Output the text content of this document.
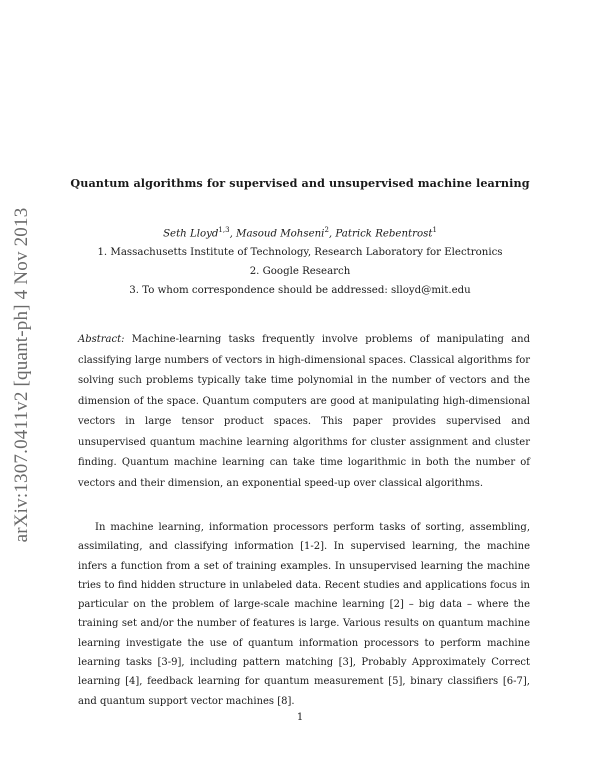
arXiv:1307.0411v2 [quant-ph] 4 Nov 2013
Quantum algorithms for supervised and unsupervised machine learning
Seth Lloyd$^{1,3}$, Masoud Mohseni$^2$, Patrick Rebentrost$^1$
1. Massachusetts Institute of Technology, Research Laboratory for Electronics
2. Google Research
3. To whom correspondence should be addressed: slloyd@mit.edu
Abstract: Machine-learning tasks frequently involve problems of manipulating and classifying large numbers of vectors in high-dimensional spaces. Classical algorithms for solving such problems typically take time polynomial in the number of vectors and the dimension of the space. Quantum computers are good at manipulating high-dimensional vectors in large tensor product spaces. This paper provides supervised and unsupervised quantum machine learning algorithms for cluster assignment and cluster finding. Quantum machine learning can take time logarithmic in both the number of vectors and their dimension, an exponential speed-up over classical algorithms.
In machine learning, information processors perform tasks of sorting, assembling, assimilating, and classifying information [1-2]. In supervised learning, the machine infers a function from a set of training examples. In unsupervised learning the machine tries to find hidden structure in unlabeled data. Recent studies and applications focus in particular on the problem of large-scale machine learning [2] – big data – where the training set and/or the number of features is large. Various results on quantum machine learning investigate the use of quantum information processors to perform machine learning tasks [3-9], including pattern matching [3], Probably Approximately Correct learning [4], feedback learning for quantum measurement [5], binary classifiers [6-7], and quantum support vector machines [8].
1
